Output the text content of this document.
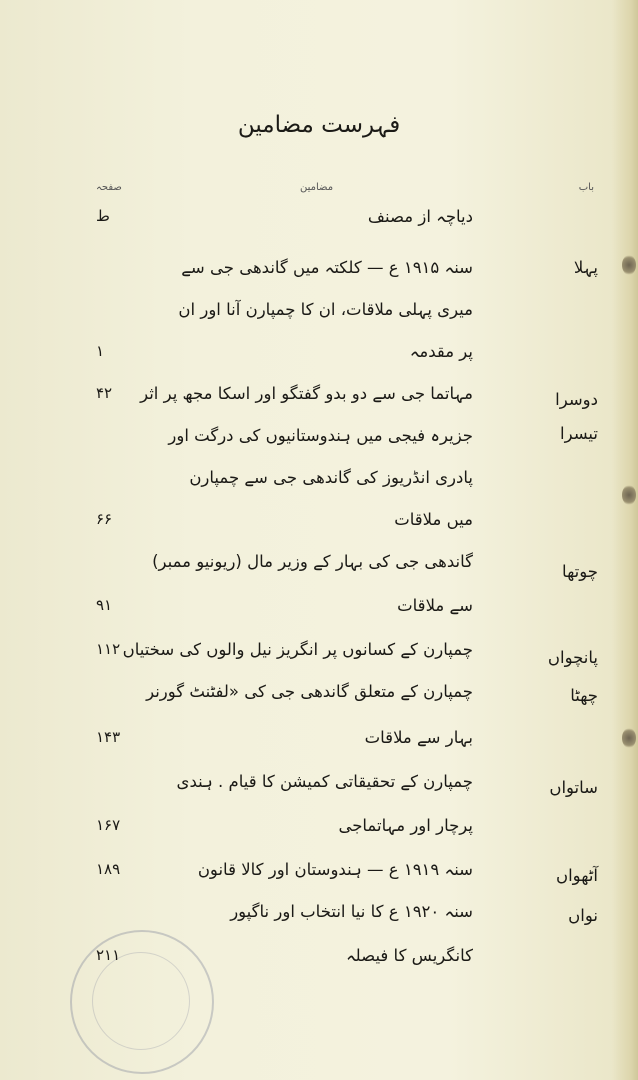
فہرست مضامین
باب
مضامین
صفحہ
دیاچہ از مصنف
ط
پہلا
سنہ ۱۹۱۵ ع — کلکتہ میں گاندھی جی سے
میری پہلی ملاقات، ان کا چمپارن آنا اور ان
پر مقدمہ
۱
دوسرا
مہاتما جی سے دو بدو گفتگو اور اسکا مجھ پر اثر
۴۲
تیسرا
جزیرہ فیجی میں ہندوستانیوں کی درگت اور
پادری انڈریوز کی گاندھی جی سے چمپارن
میں ملاقات
۶۶
چوتھا
گاندھی جی کی بہار کے وزیر مال (ریونیو ممبر)
سے ملاقات
۹۱
پانچواں
چمپارن کے کسانوں پر انگریز نیل والوں کی سختیاں
۱۱۲
چھٹا
چمپارن کے متعلق گاندھی جی کی «لفٹنٹ گورنر
بہار سے ملاقات
۱۴۳
ساتواں
چمپارن کے تحقیقاتی کمیشن کا قیام . ہندی
پرچار اور مہاتماجی
۱۶۷
آٹھواں
سنہ ۱۹۱۹ ع — ہندوستان اور کالا قانون
۱۸۹
نواں
سنہ ۱۹۲۰ ع کا نیا انتخاب اور ناگپور
کانگریس کا فیصلہ
۲۱۱
